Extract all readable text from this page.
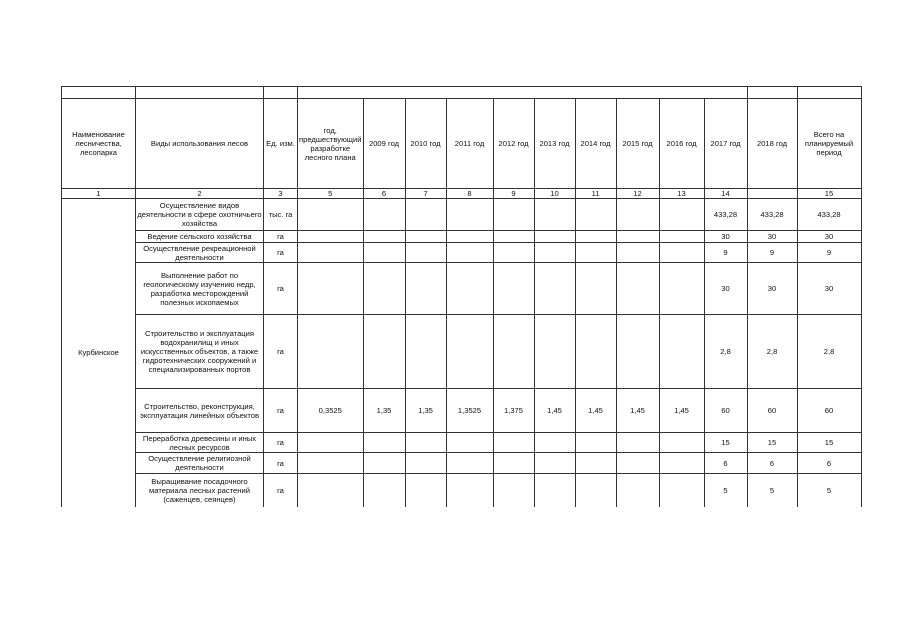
Наименование лесничества, лесопарка	Виды использования лесов	Ед. изм.	год, предшествующий разработке лесного плана	2009 год	2010 год	2011 год	2012 год	2013 год	2014 год	2015 год	2016 год	2017 год	2018 год	Всего на планируемый период
1	2	3	5	6	7	8	9	10	11	12	13	14		15
Курбинское	Осуществление видов деятельности в сфере охотничьего хозяйства	тыс. га										433,28	433,28	433,28
	Ведение сельского хозяйства	га										30	30	30
	Осуществление рекреационной деятельности	га										9	9	9
	Выполнение работ по геологическому изучению недр, разработка месторождений полезных ископаемых	га										30	30	30
	Строительство и эксплуатация водохранилищ и иных искусственных объектов, а также гидротехнических сооружений и специализированных портов	га										2,8	2,8	2,8
	Строительство, реконструкция, эксплуатация линейных объектов	га	0,3525	1,35	1,35	1,3525	1,375	1,45	1,45	1,45	1,45	60	60	60
	Переработка древесины и иных лесных ресурсов	га										15	15	15
	Осуществление религиозной деятельности	га										6	6	6
	Выращивание посадочного материала лесных растений (саженцев, сеянцев)	га										5	5	5
